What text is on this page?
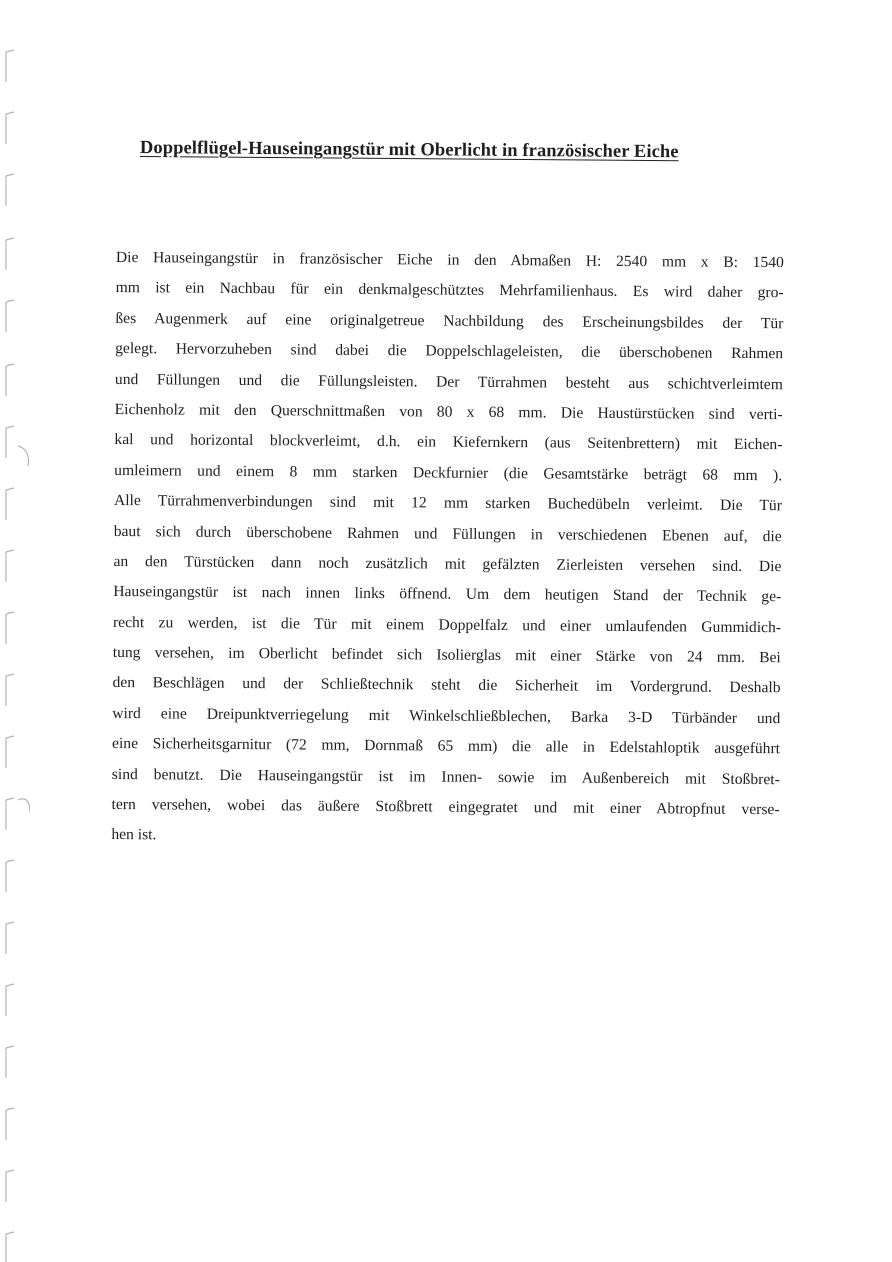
Doppelflügel-Hauseingangstür mit Oberlicht in französischer Eiche
Die Hauseingangstür in französischer Eiche in den Abmaßen H: 2540 mm x B: 1540
mm ist ein Nachbau für ein denkmalgeschütztes Mehrfamilienhaus. Es wird daher gro-
ßes Augenmerk auf eine originalgetreue Nachbildung des Erscheinungsbildes der Tür
gelegt. Hervorzuheben sind dabei die Doppelschlageleisten, die überschobenen Rahmen
und Füllungen und die Füllungsleisten. Der Türrahmen besteht aus schichtverleimtem
Eichenholz mit den Querschnittmaßen von 80 x 68 mm. Die Haustürstücken sind verti-
kal und horizontal blockverleimt, d.h. ein Kiefernkern (aus Seitenbrettern) mit Eichen-
umleimern und einem 8 mm starken Deckfurnier (die Gesamtstärke beträgt 68 mm ).
Alle Türrahmenverbindungen sind mit 12 mm starken Buchedübeln verleimt. Die Tür
baut sich durch überschobene Rahmen und Füllungen in verschiedenen Ebenen auf, die
an den Türstücken dann noch zusätzlich mit gefälzten Zierleisten versehen sind. Die
Hauseingangstür ist nach innen links öffnend. Um dem heutigen Stand der Technik ge-
recht zu werden, ist die Tür mit einem Doppelfalz und einer umlaufenden Gummidich-
tung versehen, im Oberlicht befindet sich Isolierglas mit einer Stärke von 24 mm. Bei
den Beschlägen und der Schließtechnik steht die Sicherheit im Vordergrund. Deshalb
wird eine Dreipunktverriegelung mit Winkelschließblechen, Barka 3-D Türbänder und
eine Sicherheitsgarnitur (72 mm, Dornmaß 65 mm) die alle in Edelstahloptik ausgeführt
sind benutzt. Die Hauseingangstür ist im Innen- sowie im Außenbereich mit Stoßbret-
tern versehen, wobei das äußere Stoßbrett eingegratet und mit einer Abtropfnut verse-
hen ist.
